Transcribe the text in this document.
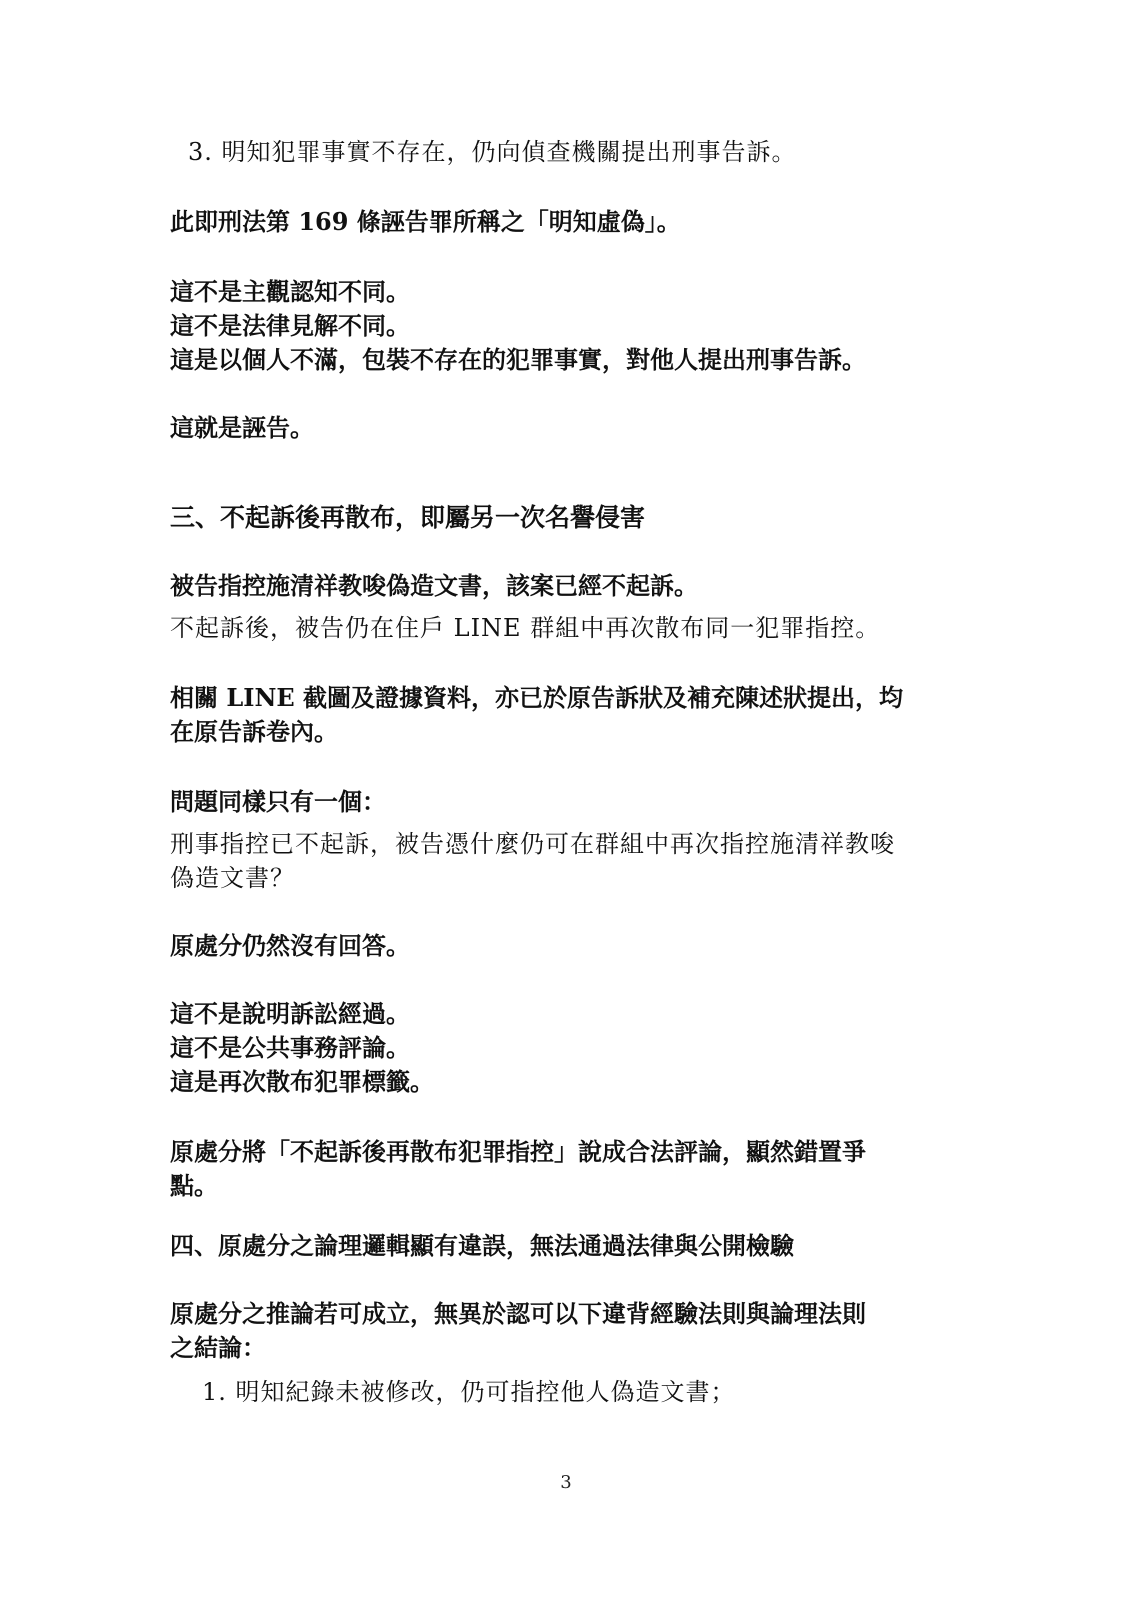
3. 明知犯罪事實不存在，仍向偵查機關提出刑事告訴。
此即刑法第 169 條誣告罪所稱之「明知虛偽」。
這不是主觀認知不同。
這不是法律見解不同。
這是以個人不滿，包裝不存在的犯罪事實，對他人提出刑事告訴。
這就是誣告。
三、不起訴後再散布，即屬另一次名譽侵害
被告指控施清祥教唆偽造文書，該案已經不起訴。
不起訴後，被告仍在住戶 LINE 群組中再次散布同一犯罪指控。
相關 LINE 截圖及證據資料，亦已於原告訴狀及補充陳述狀提出，均
在原告訴卷內。
問題同樣只有一個：
刑事指控已不起訴，被告憑什麼仍可在群組中再次指控施清祥教唆
偽造文書？
原處分仍然沒有回答。
這不是說明訴訟經過。
這不是公共事務評論。
這是再次散布犯罪標籤。
原處分將「不起訴後再散布犯罪指控」說成合法評論，顯然錯置爭
點。
四、原處分之論理邏輯顯有違誤，無法通過法律與公開檢驗
原處分之推論若可成立，無異於認可以下違背經驗法則與論理法則
之結論：
1. 明知紀錄未被修改，仍可指控他人偽造文書；
3
